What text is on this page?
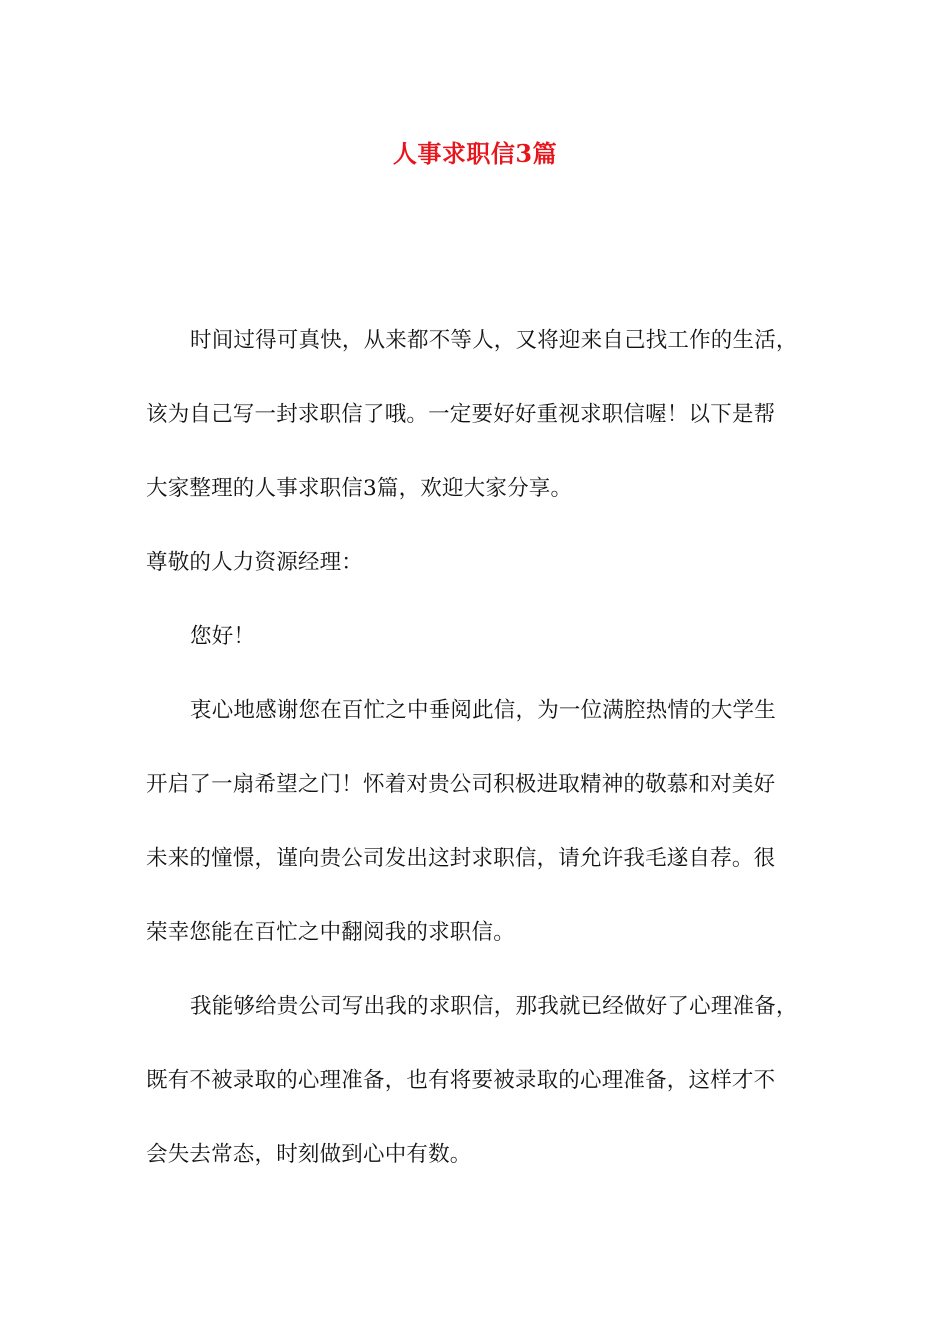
人事求职信3篇
时间过得可真快，从来都不等人，又将迎来自己找工作的生活，
该为自己写一封求职信了哦。一定要好好重视求职信喔！以下是帮
大家整理的人事求职信3篇，欢迎大家分享。
尊敬的人力资源经理：
您好！
衷心地感谢您在百忙之中垂阅此信，为一位满腔热情的大学生
开启了一扇希望之门！怀着对贵公司积极进取精神的敬慕和对美好
未来的憧憬，谨向贵公司发出这封求职信，请允许我毛遂自荐。很
荣幸您能在百忙之中翻阅我的求职信。
我能够给贵公司写出我的求职信，那我就已经做好了心理准备，
既有不被录取的心理准备，也有将要被录取的心理准备，这样才不
会失去常态，时刻做到心中有数。
